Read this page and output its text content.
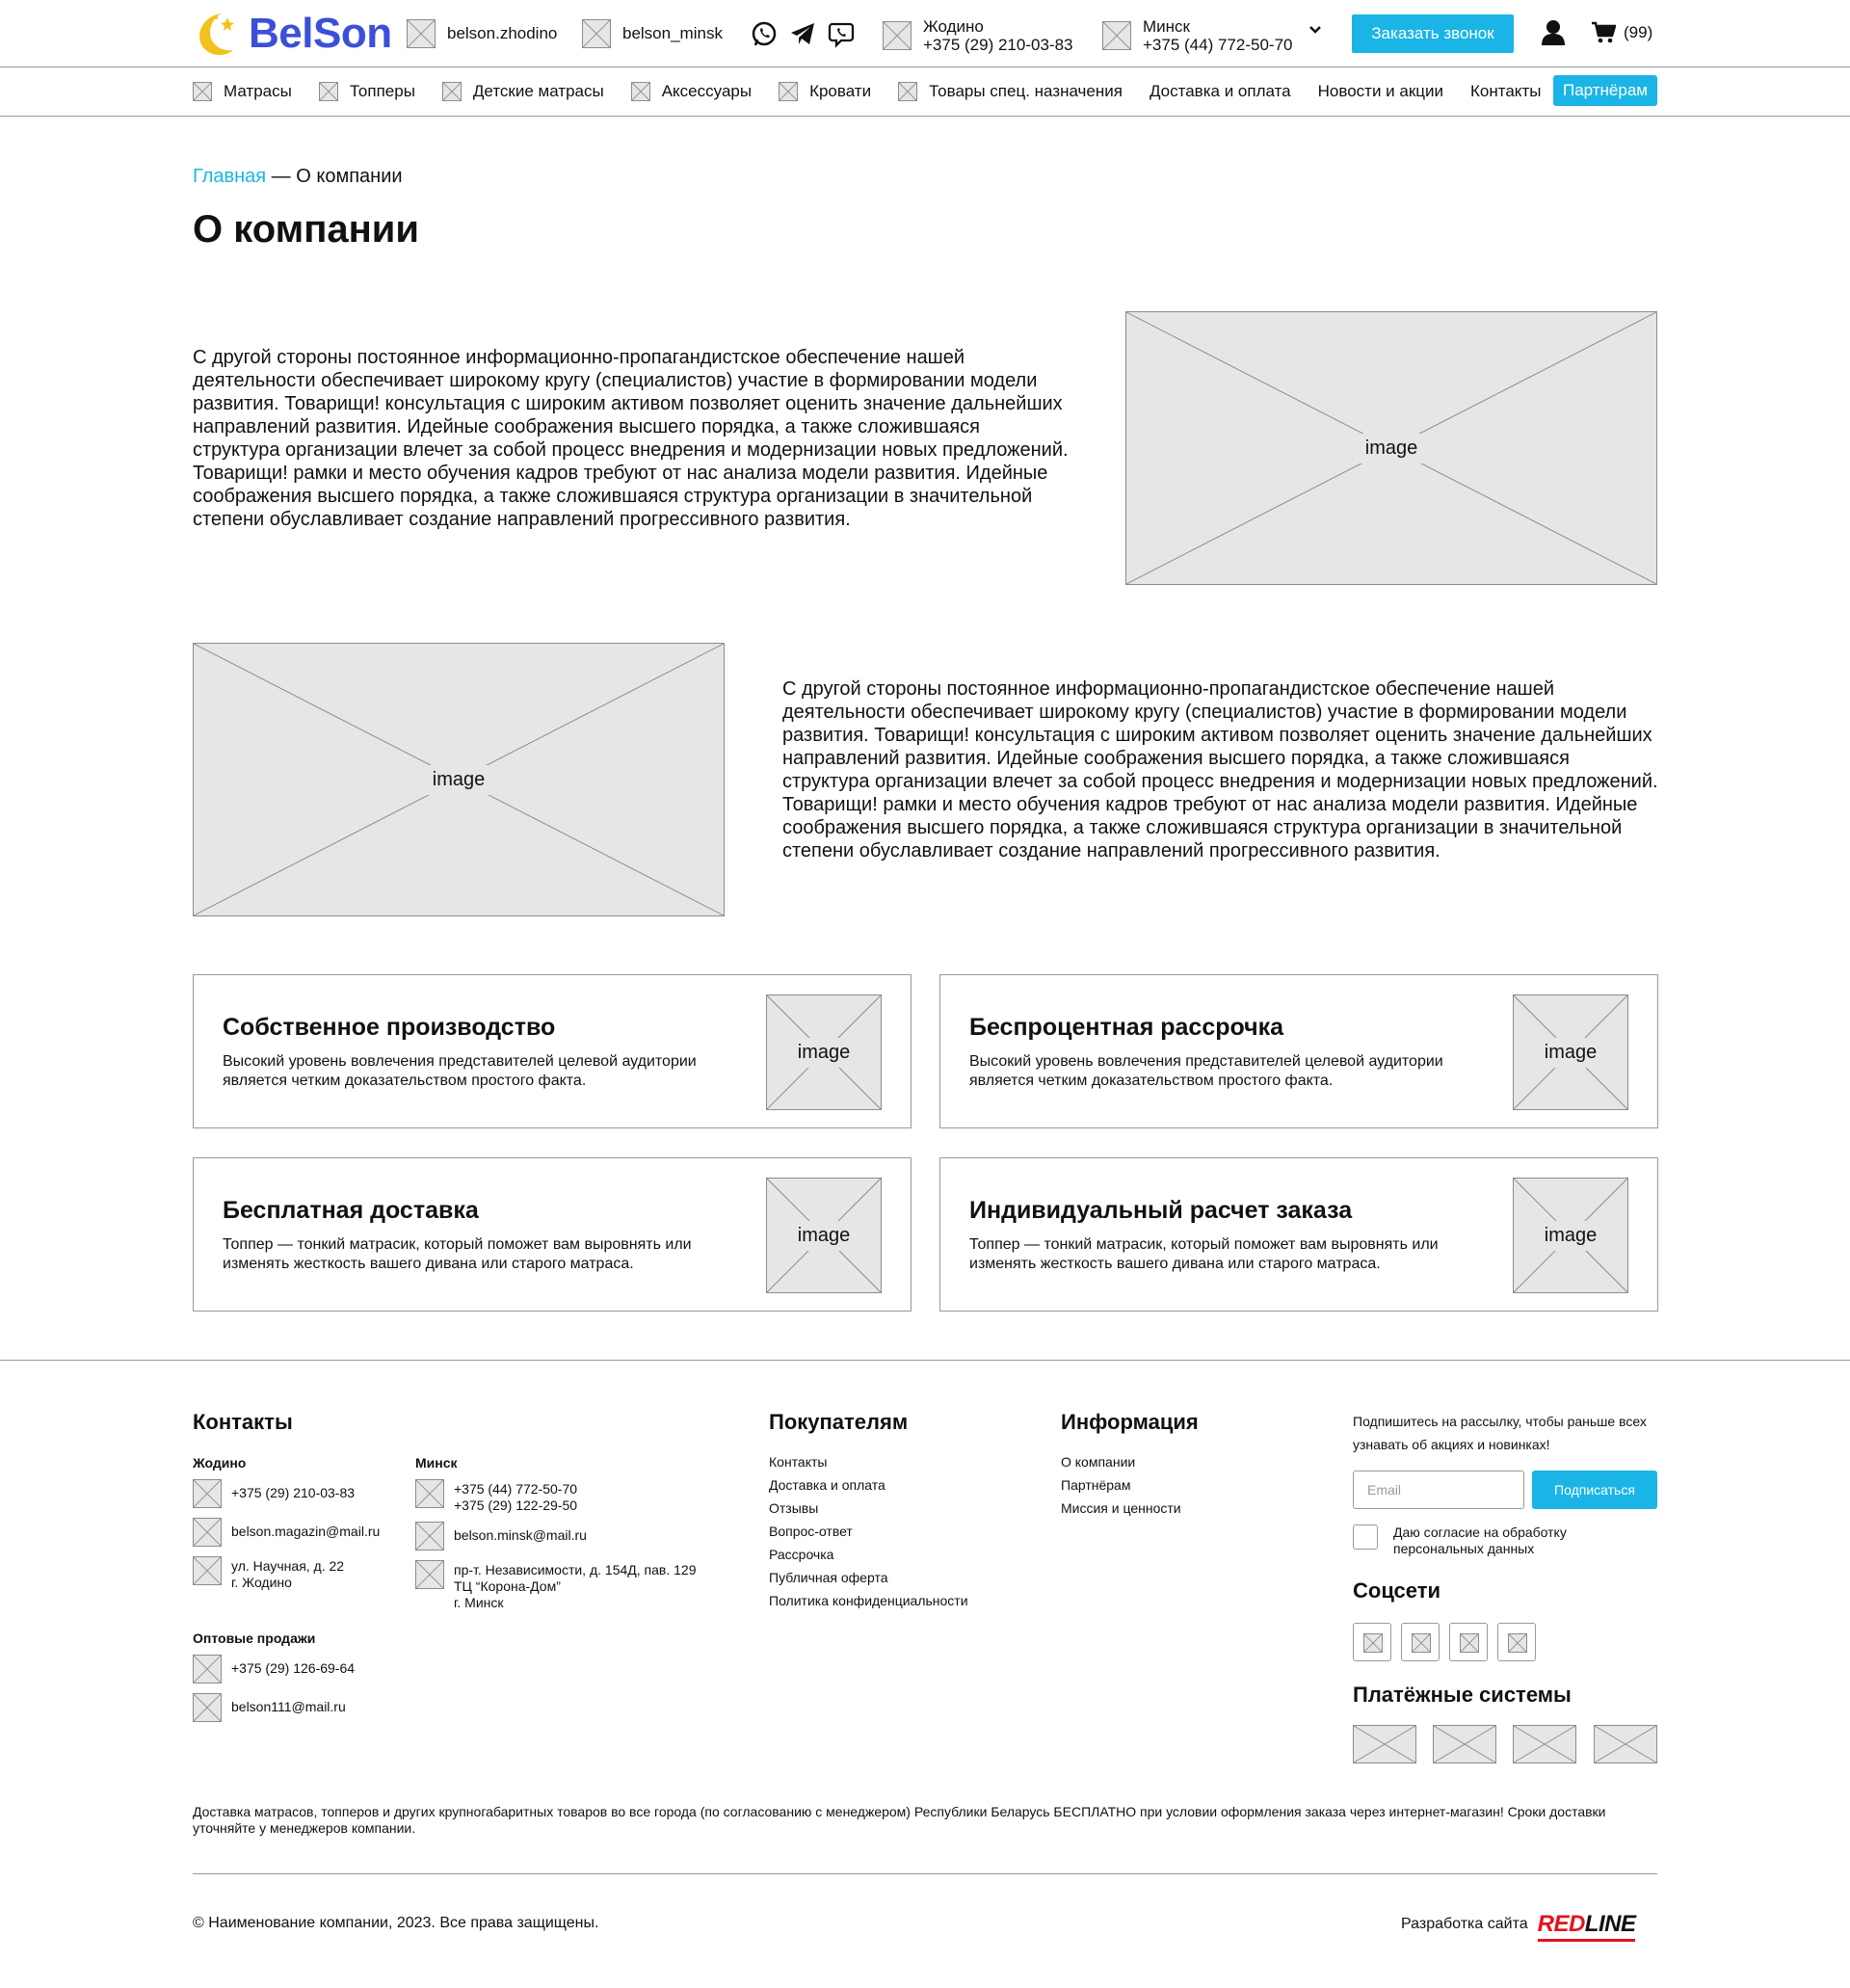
BelSon	belson.zhodino	belson_minsk	Жодино
+375 (29) 210-03-83
Минск
+375 (44) 772-50-70
Заказать звонок	(99)
Матрасы	Топперы	Детские матрасы	Аксессуары	Кровати	Товары спец. назначения Доставка и оплата Новости и акции Контакты	Партнёрам
Главная — О компании
О компании

С другой стороны постоянное информационно-пропагандистское обеспечение нашей деятельности обеспечивает широкому кругу (специалистов) участие в формировании модели развития. Товарищи! консультация с широким активом позволяет оценить значение дальнейших направлений развития. Идейные соображения высшего порядка, а также сложившаяся структура организации влечет за собой процесс внедрения и модернизации новых предложений. Товарищи! рамки и место обучения кадров требуют от нас анализа модели развития. Идейные соображения высшего порядка, а также сложившаяся структура организации в значительной степени обуславливает создание направлений прогрессивного развития.

image
image

С другой стороны постоянное информационно-пропагандистское обеспечение нашей деятельности обеспечивает широкому кругу (специалистов) участие в формировании модели развития. Товарищи! консультация с широким активом позволяет оценить значение дальнейших направлений развития. Идейные соображения высшего порядка, а также сложившаяся структура организации влечет за собой процесс внедрения и модернизации новых предложений. Товарищи! рамки и место обучения кадров требуют от нас анализа модели развития. Идейные соображения высшего порядка, а также сложившаяся структура организации в значительной степени обуславливает создание направлений прогрессивного развития.

Собственное производство
Высокий уровень вовлечения представителей целевой аудитории является четким доказательством простого факта.
image
Беспроцентная рассрочка
Высокий уровень вовлечения представителей целевой аудитории является четким доказательством простого факта.
image
Бесплатная доставка
Топпер — тонкий матрасик, который поможет вам выровнять или изменять жесткость вашего дивана или старого матраса.
image
Индивидуальный расчет заказа
Топпер — тонкий матрасик, который поможет вам выровнять или изменять жесткость вашего дивана или старого матраса.
image
Контакты
Жодино
+375 (29) 210-03-83
belson.magazin@mail.ru
ул. Научная, д. 22
г. Жодино
Минск
+375 (44) 772-50-70
+375 (29) 122-29-50
belson.minsk@mail.ru
пр-т. Независимости, д. 154Д, пав. 129
ТЦ “Корона-Дом”
г. Минск
Оптовые продажи
+375 (29) 126-69-64
belson111@mail.ru
Покупателям
Контакты
Доставка и оплата
Отзывы
Вопрос-ответ
Рассрочка
Публичная оферта
Политика конфиденциальности
Информация
О компании
Партнёрам
Миссия и ценности
Подпишитесь на рассылку, чтобы раньше всех узнавать об акциях и новинках!
Email
Подписаться
Даю согласие на обработку
персональных данных
Соцсети
Платёжные системы
Доставка матрасов, топперов и других крупногабаритных товаров во все города (по согласованию с менеджером) Республики Беларусь БЕСПЛАТНО при условии оформления заказа через интернет-магазин! Сроки доставки уточняйте у менеджеров компании.
© Наименование компании, 2023. Все права защищены.	Разработка сайта REDLINE
